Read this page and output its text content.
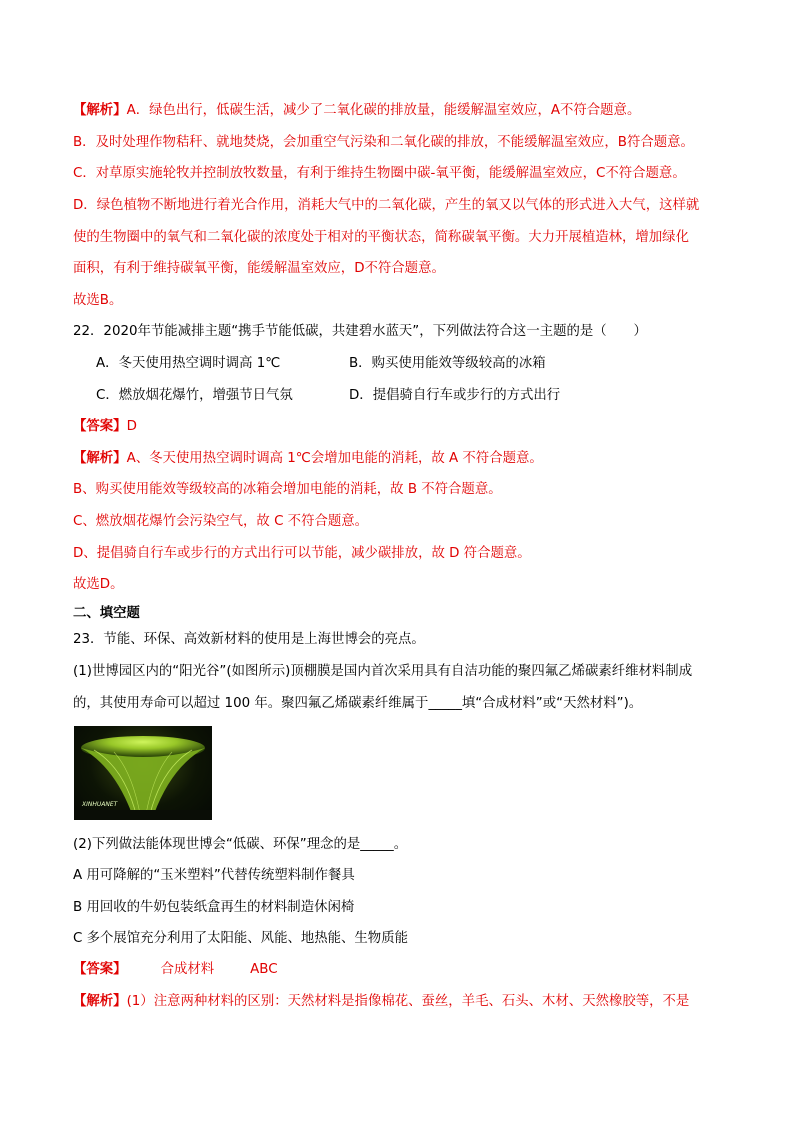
【解析】A．绿色出行，低碳生活，减少了二氧化碳的排放量，能缓解温室效应，A不符合题意。
B．及时处理作物秸秆、就地焚烧，会加重空气污染和二氧化碳的排放，不能缓解温室效应，B符合题意。
C．对草原实施轮牧并控制放牧数量，有利于维持生物圈中碳-氧平衡，能缓解温室效应，C不符合题意。
D．绿色植物不断地进行着光合作用，消耗大气中的二氧化碳，产生的氧又以气体的形式进入大气，这样就
使的生物圈中的氧气和二氧化碳的浓度处于相对的平衡状态，简称碳氧平衡。大力开展植造林，增加绿化
面积，有利于维持碳氧平衡，能缓解温室效应，D不符合题意。
故选B。
22．2020年节能减排主题“携手节能低碳，共建碧水蓝天”，下列做法符合这一主题的是（　　）
A．冬天使用热空调时调高 1℃	B．购买使用能效等级较高的冰箱
C．燃放烟花爆竹，增强节日气氛	D．提倡骑自行车或步行的方式出行
【答案】D
【解析】A、冬天使用热空调时调高 1℃会增加电能的消耗，故 A 不符合题意。
B、购买使用能效等级较高的冰箱会增加电能的消耗，故 B 不符合题意。
C、燃放烟花爆竹会污染空气，故 C 不符合题意。
D、提倡骑自行车或步行的方式出行可以节能，减少碳排放，故 D 符合题意。
故选D。
二、填空题
23．节能、环保、高效新材料的使用是上海世博会的亮点。
(1)世博园区内的“阳光谷”(如图所示)顶棚膜是国内首次采用具有自洁功能的聚四氟乙烯碳素纤维材料制成
的，其使用寿命可以超过 100 年。聚四氟乙烯碳素纤维属于_____填“合成材料”或“天然材料”)。
XINHUANET
(2)下列做法能体现世博会“低碳、环保”理念的是_____。
A 用可降解的“玉米塑料”代替传统塑料制作餐具
B 用回收的牛奶包装纸盒再生的材料制造休闲椅
C 多个展馆充分利用了太阳能、风能、地热能、生物质能
【答案】	合成材料	ABC
【解析】(1）注意两种材料的区别：天然材料是指像棉花、蚕丝，羊毛、石头、木材、天然橡胶等，不是
